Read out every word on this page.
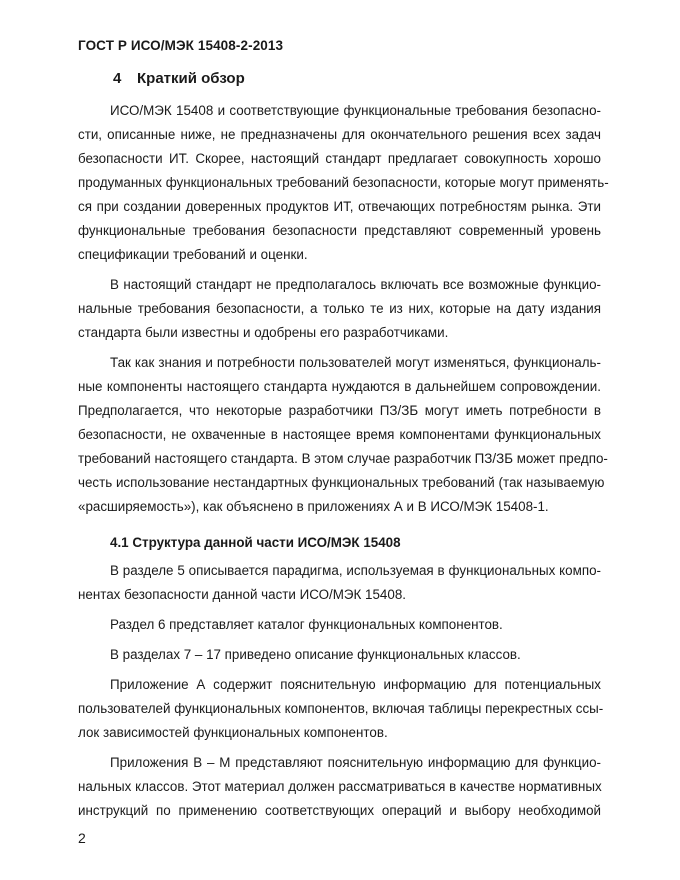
ГОСТ Р ИСО/МЭК 15408-2-2013
4 Краткий обзор

ИСО/МЭК 15408 и соответствующие функциональные требования безопасно-
сти, описанные ниже, не предназначены для окончательного решения всех задач
безопасности ИТ. Скорее, настоящий стандарт предлагает совокупность хорошо
продуманных функциональных требований безопасности, которые могут применять-
ся при создании доверенных продуктов ИТ, отвечающих потребностям рынка. Эти
функциональные требования безопасности представляют современный уровень
спецификации требований и оценки.

В настоящий стандарт не предполагалось включать все возможные функцио-
нальные требования безопасности, а только те из них, которые на дату издания
стандарта были известны и одобрены его разработчиками.

Так как знания и потребности пользователей могут изменяться, функциональ-
ные компоненты настоящего стандарта нуждаются в дальнейшем сопровождении.
Предполагается, что некоторые разработчики ПЗ/ЗБ могут иметь потребности в
безопасности, не охваченные в настоящее время компонентами функциональных
требований настоящего стандарта. В этом случае разработчик ПЗ/ЗБ может предпо-
честь использование нестандартных функциональных требований (так называемую
«расширяемость»), как объяснено в приложениях А и В ИСО/МЭК 15408-1.

4.1 Структура данной части ИСО/МЭК 15408

В разделе 5 описывается парадигма, используемая в функциональных компо-
нентах безопасности данной части ИСО/МЭК 15408.

Раздел 6 представляет каталог функциональных компонентов.

В разделах 7 – 17 приведено описание функциональных классов.

Приложение А содержит пояснительную информацию для потенциальных
пользователей функциональных компонентов, включая таблицы перекрестных ссы-
лок зависимостей функциональных компонентов.

Приложения В – М представляют пояснительную информацию для функцио-
нальных классов. Этот материал должен рассматриваться в качестве нормативных
инструкций по применению соответствующих операций и выбору необходимой

2
